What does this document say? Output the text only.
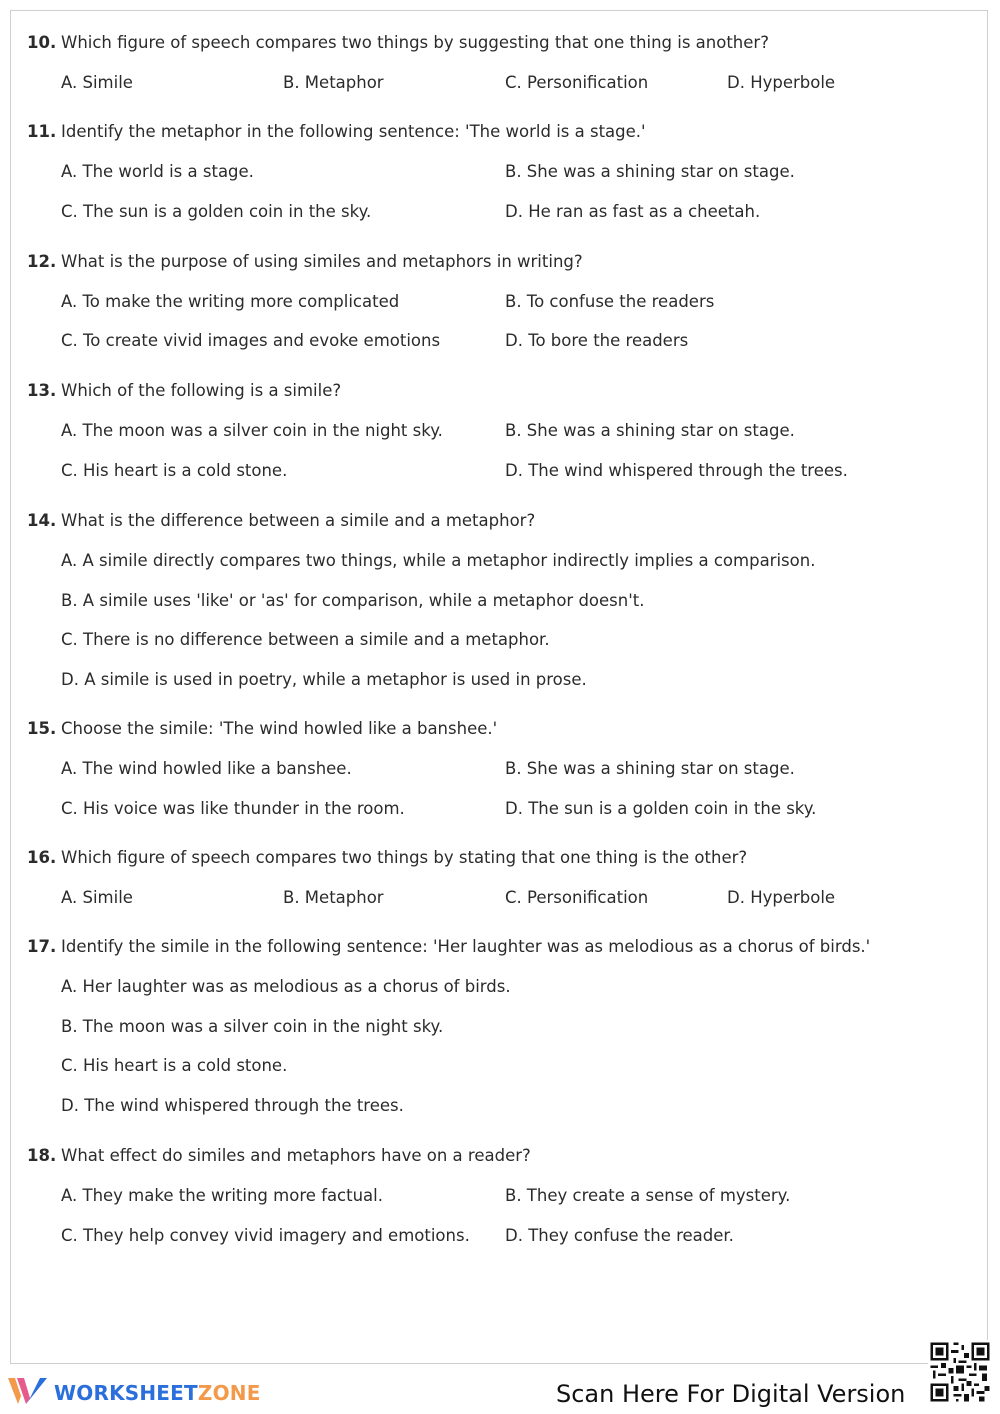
10. Which figure of speech compares two things by suggesting that one thing is another?
A. Simile	B. Metaphor	C. Personification	D. Hyperbole
11. Identify the metaphor in the following sentence: 'The world is a stage.'
A. The world is a stage.	B. She was a shining star on stage.
C. The sun is a golden coin in the sky.	D. He ran as fast as a cheetah.
12. What is the purpose of using similes and metaphors in writing?
A. To make the writing more complicated	B. To confuse the readers
C. To create vivid images and evoke emotions	D. To bore the readers
13. Which of the following is a simile?
A. The moon was a silver coin in the night sky.	B. She was a shining star on stage.
C. His heart is a cold stone.	D. The wind whispered through the trees.
14. What is the difference between a simile and a metaphor?
A. A simile directly compares two things, while a metaphor indirectly implies a comparison.
B. A simile uses 'like' or 'as' for comparison, while a metaphor doesn't.
C. There is no difference between a simile and a metaphor.
D. A simile is used in poetry, while a metaphor is used in prose.
15. Choose the simile: 'The wind howled like a banshee.'
A. The wind howled like a banshee.	B. She was a shining star on stage.
C. His voice was like thunder in the room.	D. The sun is a golden coin in the sky.
16. Which figure of speech compares two things by stating that one thing is the other?
A. Simile	B. Metaphor	C. Personification	D. Hyperbole
17. Identify the simile in the following sentence: 'Her laughter was as melodious as a chorus of birds.'
A. Her laughter was as melodious as a chorus of birds.
B. The moon was a silver coin in the night sky.
C. His heart is a cold stone.
D. The wind whispered through the trees.
18. What effect do similes and metaphors have on a reader?
A. They make the writing more factual.	B. They create a sense of mystery.
C. They help convey vivid imagery and emotions. D. They confuse the reader.
WORKSHEETZONE	Scan Here For Digital Version
